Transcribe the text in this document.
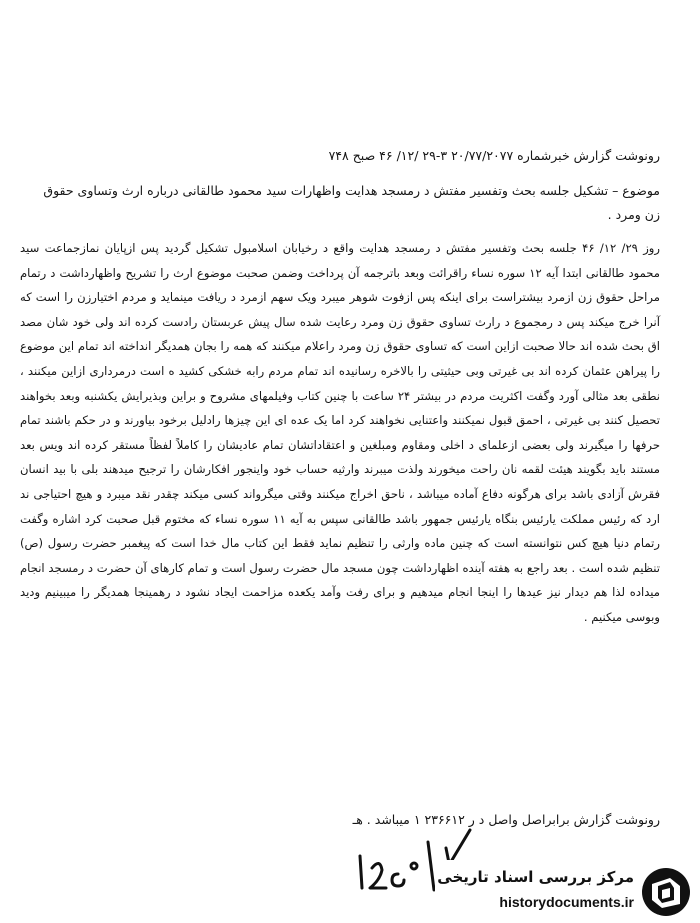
رونوشت گزارش خبرشماره ۲۰/۷۷/۲۰۷۷ ۳-۲۹ /۱۲/ ۴۶ صبح ۷۴۸
موضوع – تشکیل جلسه بحث وتفسیر مفتش د رمسجد هدایت واظهارات سید محمود طالقانی درباره ارث وتساوی حقوق زن ومرد .

روز ۲۹/ ۱۲/ ۴۶ جلسه بحث وتفسیر مفتش د رمسجد هدایت واقع د رخیابان اسلامبول تشکیل گردید پس ازپایان نمازجماعت سید محمود طالقانی ابتدا آیه ۱۲ سوره نساء راقرائت وبعد باترجمه آن پرداخت وضمن صحبت موضوع ارث را تشریح واظهارداشت د رتمام مراحل حقوق زن ازمرد بیشتراست برای اینکه پس ازفوت شوهر میبرد ویک سهم ازمرد د ریافت مینماید و مردم اختیارزن را است که آنرا خرج میکند پس د رمجموع د رارث تساوی حقوق زن ومرد رعایت شده سال پیش عربستان رادست کرده اند ولی خود شان مصد اق بحث شده اند حالا صحبت ازاین است که تساوی حقوق زن ومرد راعلام میکنند که همه را بجان همدیگر انداخته اند تمام این موضوع را پیراهن عثمان کرده اند بی غیرتی وبی حیثیتی را بالاخره رسانیده اند تمام مردم رابه خشکی کشید ه است درمرداری ازاین میکنند ، نطقی بعد مثالی آورد وگفت اکثریت مردم در بیشتر ۲۴ ساعت با چنین کتاب وفیلمهای مشروح و براین وبذیرایش یکشنبه وبعد بخواهند تحصیل کنند بی غیرتی ، احمق قبول نمیکنند واعتنایی نخواهند کرد اما یک عده ای این چیزها رادلیل برخود بیاورند و در حکم باشند تمام حرفها را میگیرند ولی بعضی ازعلمای د اخلی ومقاوم ومبلغین و اعتقاداتشان تمام عادیشان را کاملاً لفظاً مستقر کرده اند ویس بعد مستند باید بگویند هیئت لقمه نان راحت میخورند ولذت میبرند وارثیه حساب خود واینجور افکارشان را ترجیح میدهند بلی با بید انسان فقرش آزادی باشد برای هرگونه دفاع آماده میباشد ، ناحق اخراج میکنند وقتی میگرواند کسی میکند چقدر نقد میبرد و هیچ احتیاجی ند ارد که رئیس مملکت یارئیس بنگاه یارئیس جمهور باشد طالقانی سپس به آیه ۱۱ سوره نساء که مختوم قبل صحبت کرد اشاره وگفت رتمام دنیا هیچ کس نتوانسته است که چنین ماده وارثی را تنظیم نماید فقط این کتاب مال خدا است که پیغمبر حضرت رسول (ص) تنظیم شده است . بعد راجع به هفته آینده اظهارداشت چون مسجد مال حضرت رسول است و تمام کارهای آن حضرت د رمسجد انجام میداده لذا هم دیدار نیز عیدها را اینجا انجام میدهیم و برای رفت وآمد یکعده مزاحمت ایجاد نشود د رهمینجا همدیگر را میبینیم ودید وبوسی میکنیم .

رونوشت گزارش برابراصل واصل د ر ۲۳۶۶۱۲ ۱ میباشد . هـ
مرکز بررسی اسناد تاریخی
historydocuments.ir
